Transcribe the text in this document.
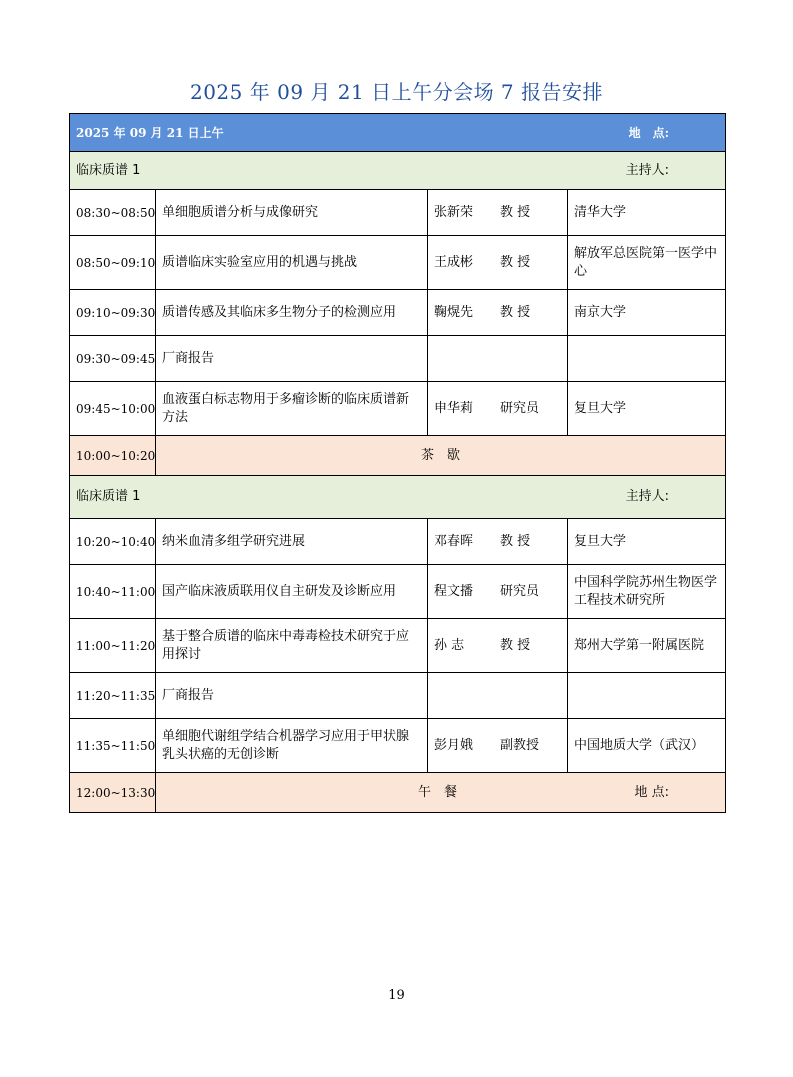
2025 年 09 月 21 日上午分会场 7 报告安排
2025 年 09 月 21 日上午 地　点:			

临床质谱 1 主持人:			

08:30~08:50	单细胞质谱分析与成像研究	张新荣 教 授	清华大学
08:50~09:10	质谱临床实验室应用的机遇与挑战	王成彬 教 授	解放军总医院第一医学中心
09:10~09:30	质谱传感及其临床多生物分子的检测应用	鞠熀先 教 授	南京大学
09:30~09:45	厂商报告		
09:45~10:00	血液蛋白标志物用于多瘤诊断的临床质谱新方法	申华莉 研究员	复旦大学
10:00~10:20	茶　歇		

临床质谱 1 主持人:			

10:20~10:40	纳米血清多组学研究进展	邓春晖 教 授	复旦大学
10:40~11:00	国产临床液质联用仪自主研发及诊断应用	程文播 研究员	中国科学院苏州生物医学工程技术研究所
11:00~11:20	基于整合质谱的临床中毒毒检技术研究于应用探讨	孙 志 教 授	郑州大学第一附属医院
11:20~11:35	厂商报告		
11:35~11:50	单细胞代谢组学结合机器学习应用于甲状腺乳头状癌的无创诊断	彭月娥 副教授	中国地质大学（武汉）
12:00~13:30	午　餐 地 点:		
19
